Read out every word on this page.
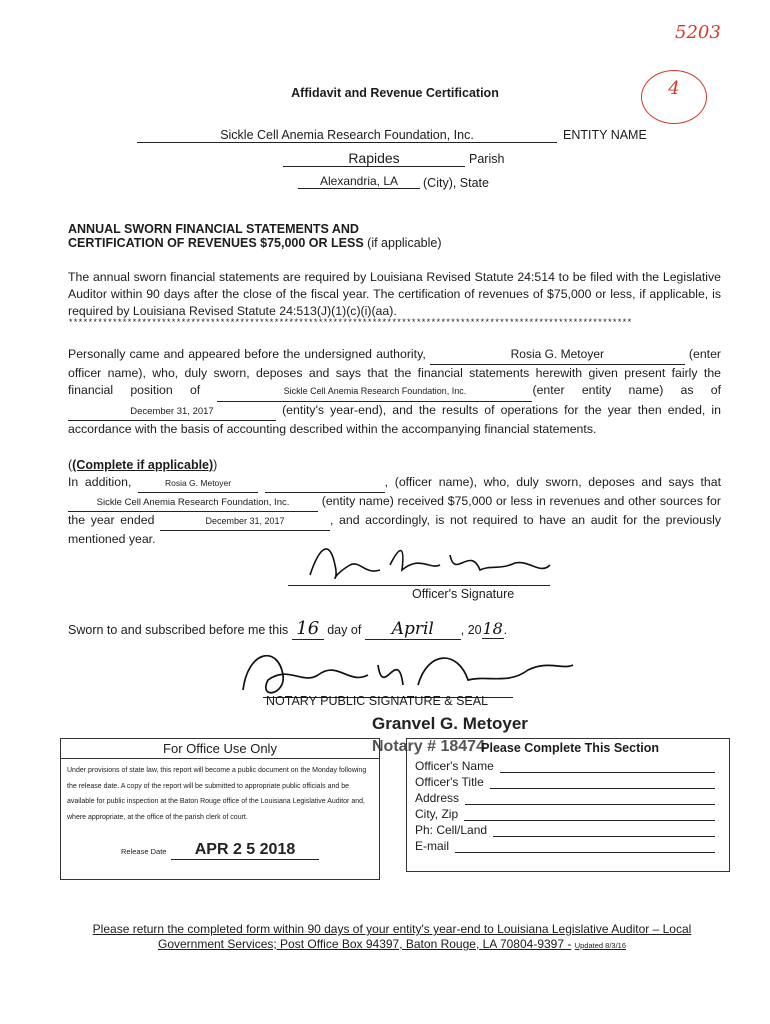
5203
4
Affidavit and Revenue Certification
Sickle Cell Anemia Research Foundation, Inc.	ENTITY NAME
Rapides	Parish
Alexandria, LA	(City), State
ANNUAL SWORN FINANCIAL STATEMENTS AND
CERTIFICATION OF REVENUES $75,000 OR LESS (if applicable)
The annual sworn financial statements are required by Louisiana Revised Statute 24:514 to be filed with the Legislative Auditor within 90 days after the close of the fiscal year. The certification of revenues of $75,000 or less, if applicable, is required by Louisiana Revised Statute 24:513(J)(1)(c)(i)(aa).
*******************************************************************************************************************
Personally came and appeared before the undersigned authority,	Rosia G. Metoyer	(enter officer name), who, duly sworn, deposes and says that the financial statements herewith given present fairly the financial position of	Sickle Cell Anemia Research Foundation, Inc.	(enter entity name) as of December 31, 2017	(entity's year-end), and the results of operations for the year then ended, in accordance with the basis of accounting described within the accompanying financial statements.
((Complete if applicable))
In addition,	Rosia G. Metoyer	, (officer name), who, duly sworn, deposes and says that Sickle Cell Anemia Research Foundation, Inc.	(entity name) received $75,000 or less in revenues and other sources for the year ended	December 31, 2017	, and accordingly, is not required to have an audit for the previously mentioned year.
Officer's Signature
Sworn to and subscribed before me this 16 day of April , 2018.
NOTARY PUBLIC SIGNATURE & SEAL
Granvel G. Metoyer
Notary # 18474
For Office Use Only
Under provisions of state law, this report will become a public document on the Monday following the release date. A copy of the report will be submitted to appropriate public officials and be available for public inspection at the Baton Rouge office of the Louisiana Legislative Auditor and, where appropriate, at the office of the parish clerk of court.
Release Date	APR 2 5 2018
Please Complete This Section
Officer's Name
Officer's Title
Address
City, Zip
Ph: Cell/Land
E-mail
Please return the completed form within 90 days of your entity's year-end to Louisiana Legislative Auditor – Local
Government Services; Post Office Box 94397, Baton Rouge, LA 70804-9397 - Updated 8/3/16
